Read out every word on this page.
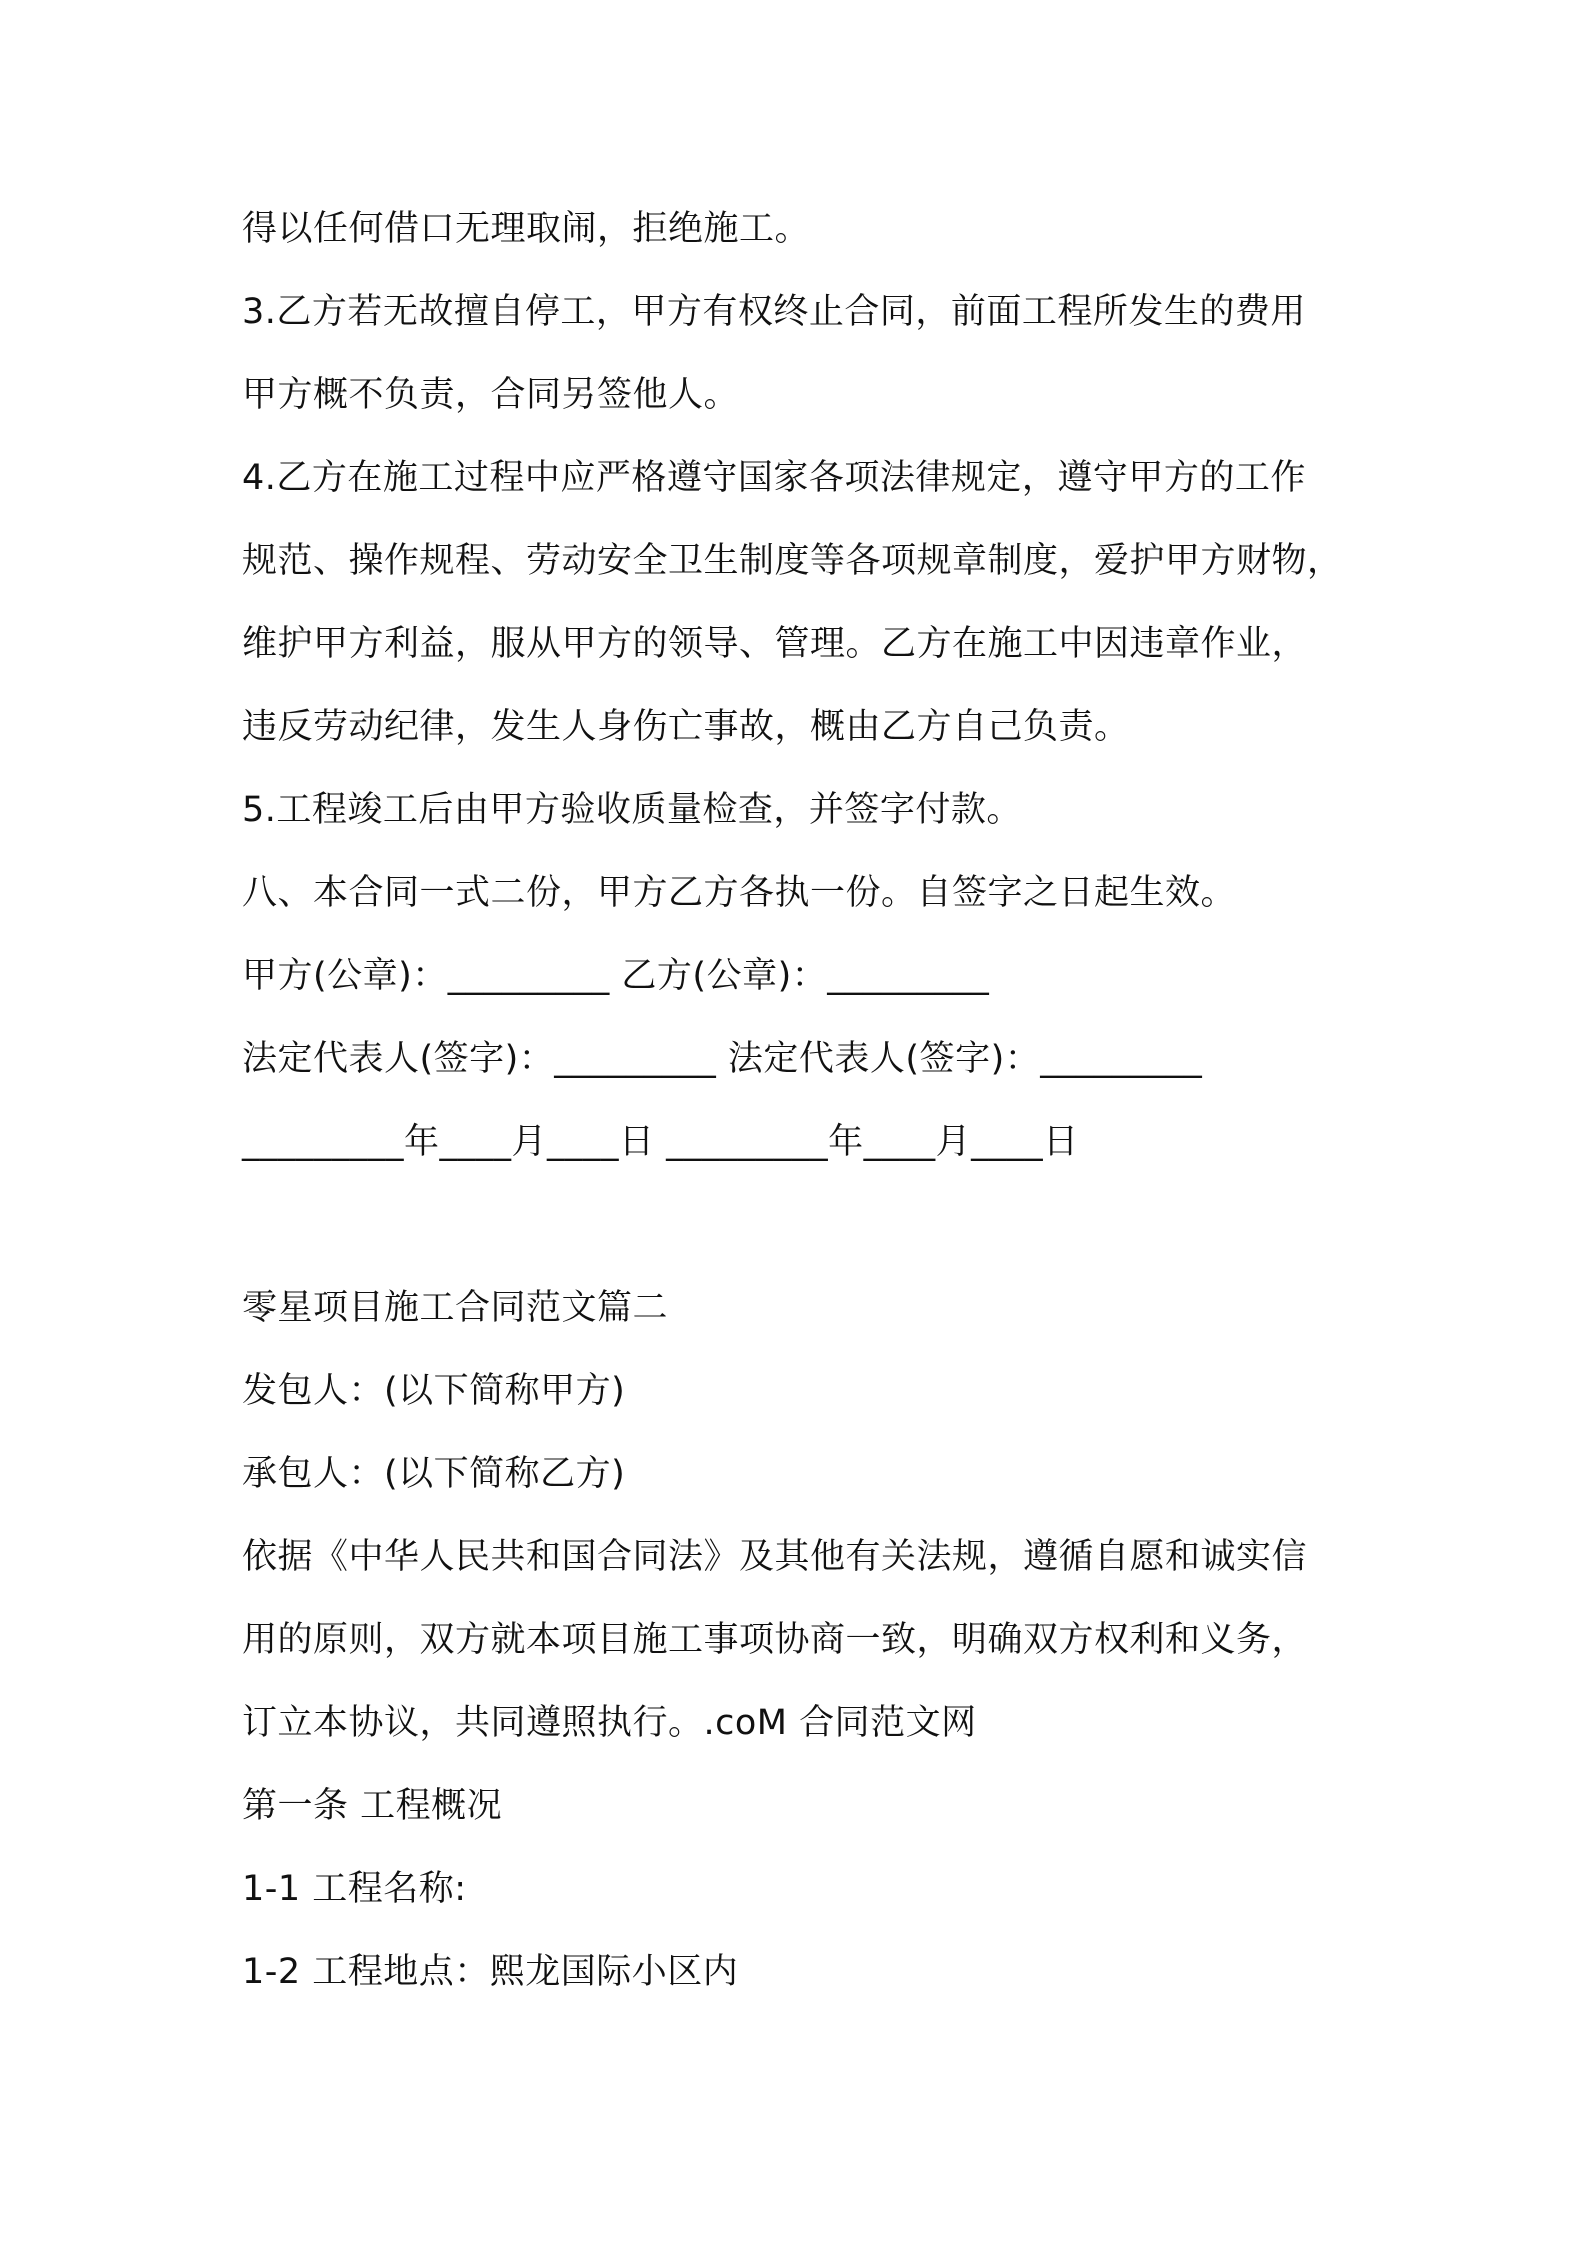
得以任何借口无理取闹，拒绝施工。
3.乙方若无故擅自停工，甲方有权终止合同，前面工程所发生的费用
甲方概不负责，合同另签他人。
4.乙方在施工过程中应严格遵守国家各项法律规定，遵守甲方的工作
规范、操作规程、劳动安全卫生制度等各项规章制度，爱护甲方财物，
维护甲方利益，服从甲方的领导、管理。乙方在施工中因违章作业，
违反劳动纪律，发生人身伤亡事故，概由乙方自己负责。
5.工程竣工后由甲方验收质量检查，并签字付款。
八、本合同一式二份，甲方乙方各执一份。自签字之日起生效。
甲方(公章)：_________ 乙方(公章)：_________
法定代表人(签字)：_________ 法定代表人(签字)：_________
_________年____月____日 _________年____月____日
零星项目施工合同范文篇二
发包人：(以下简称甲方)
承包人：(以下简称乙方)
依据《中华人民共和国合同法》及其他有关法规，遵循自愿和诚实信
用的原则，双方就本项目施工事项协商一致，明确双方权利和义务，
订立本协议，共同遵照执行。.coM 合同范文网
第一条 工程概况
1-1 工程名称:
1-2 工程地点：熙龙国际小区内
